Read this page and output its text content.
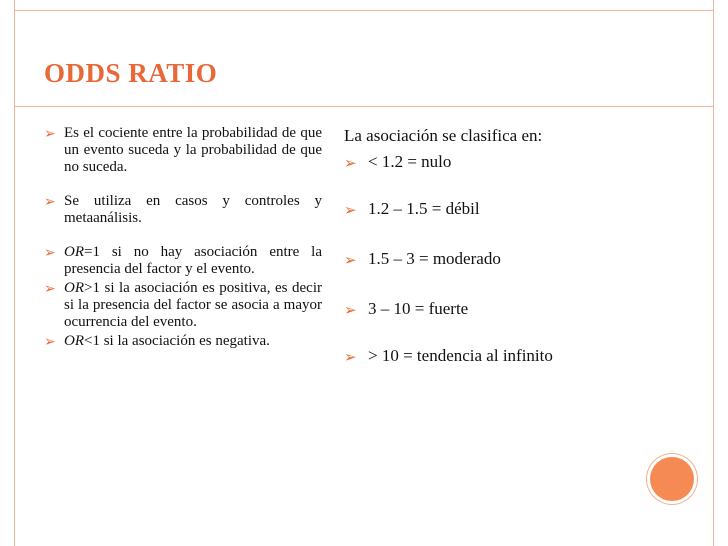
ODDS RATIO
➢ Es el cociente entre la probabilidad de que un evento suceda y la probabilidad de que no suceda.
➢ Se utiliza en casos y controles y metaanálisis.
➢ OR=1 si no hay asociación entre la presencia del factor y el evento.
➢ OR>1 si la asociación es positiva, es decir si la presencia del factor se asocia a mayor ocurrencia del evento.
➢ OR<1 si la asociación es negativa.
La asociación se clasifica en:
➢ < 1.2 = nulo
➢ 1.2 – 1.5 = débil
➢ 1.5 – 3 = moderado
➢ 3 – 10 = fuerte
➢ > 10 = tendencia al infinito
